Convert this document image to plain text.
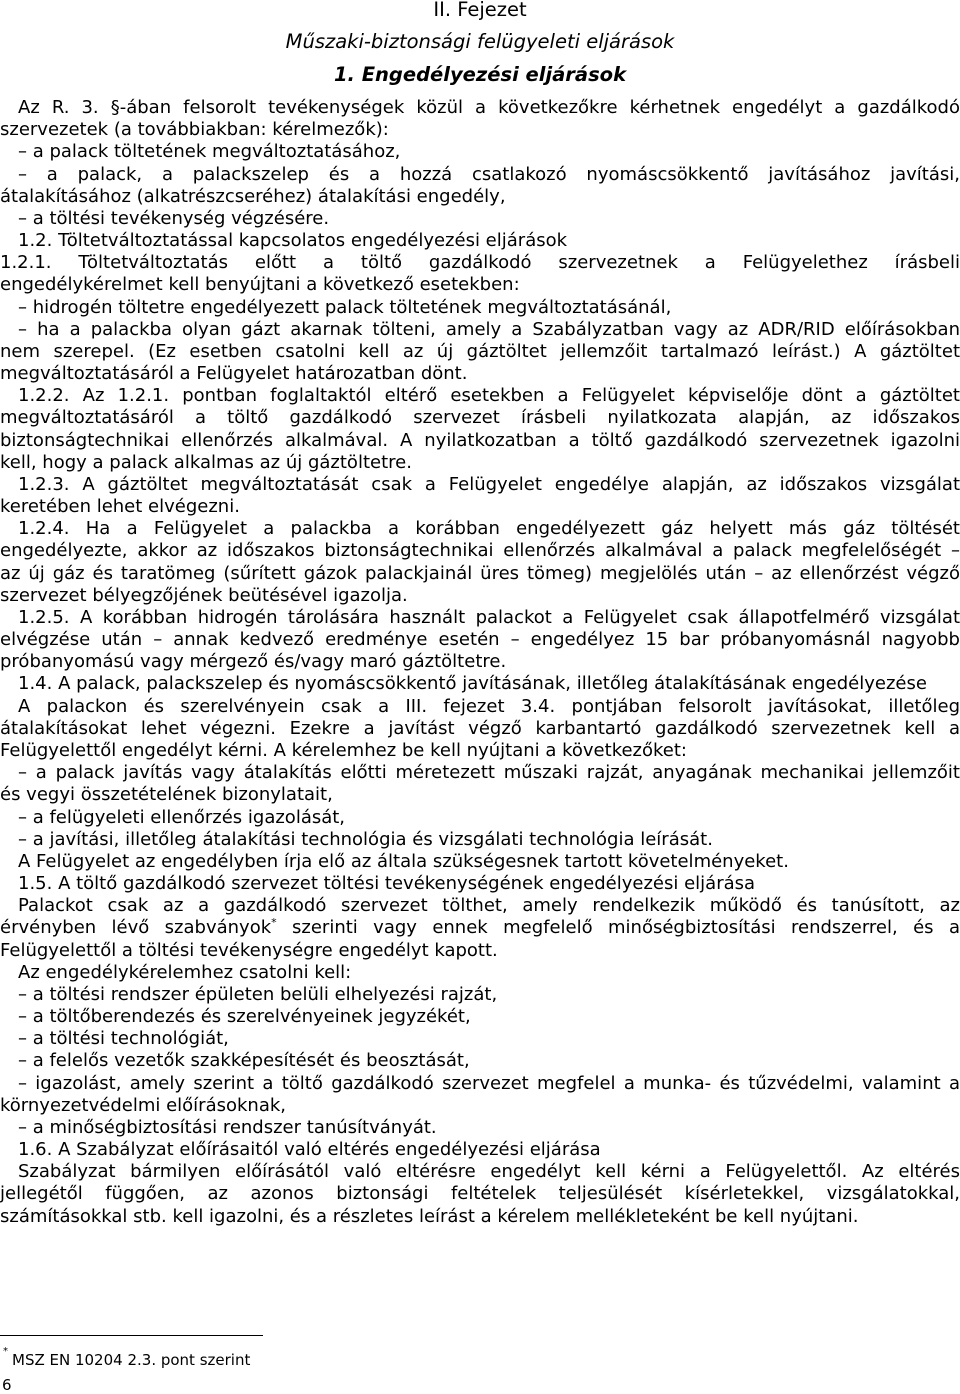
II. Fejezet
Műszaki-biztonsági felügyeleti eljárások
1. Engedélyezési eljárások
Az R. 3. §-ában felsorolt tevékenységek közül a következőkre kérhetnek engedélyt a gazdálkodó
szervezetek (a továbbiakban: kérelmezők):
– a palack töltetének megváltoztatásához,
– a palack, a palackszelep és a hozzá csatlakozó nyomáscsökkentő javításához javítási,
átalakításához (alkatrészcseréhez) átalakítási engedély,
– a töltési tevékenység végzésére.
1.2. Töltetváltoztatással kapcsolatos engedélyezési eljárások
1.2.1. Töltetváltoztatás előtt a töltő gazdálkodó szervezetnek a Felügyelethez írásbeli
engedélykérelmet kell benyújtani a következő esetekben:
– hidrogén töltetre engedélyezett palack töltetének megváltoztatásánál,
– ha a palackba olyan gázt akarnak tölteni, amely a Szabályzatban vagy az ADR/RID előírásokban
nem szerepel. (Ez esetben csatolni kell az új gáztöltet jellemzőit tartalmazó leírást.) A gáztöltet
megváltoztatásáról a Felügyelet határozatban dönt.
1.2.2. Az 1.2.1. pontban foglaltaktól eltérő esetekben a Felügyelet képviselője dönt a gáztöltet
megváltoztatásáról a töltő gazdálkodó szervezet írásbeli nyilatkozata alapján, az időszakos
biztonságtechnikai ellenőrzés alkalmával. A nyilatkozatban a töltő gazdálkodó szervezetnek igazolni
kell, hogy a palack alkalmas az új gáztöltetre.
1.2.3. A gáztöltet megváltoztatását csak a Felügyelet engedélye alapján, az időszakos vizsgálat
keretében lehet elvégezni.
1.2.4. Ha a Felügyelet a palackba a korábban engedélyezett gáz helyett más gáz töltését
engedélyezte, akkor az időszakos biztonságtechnikai ellenőrzés alkalmával a palack megfelelőségét –
az új gáz és taratömeg (sűrített gázok palackjainál üres tömeg) megjelölés után – az ellenőrzést végző
szervezet bélyegzőjének beütésével igazolja.
1.2.5. A korábban hidrogén tárolására használt palackot a Felügyelet csak állapotfelmérő vizsgálat
elvégzése után – annak kedvező eredménye esetén – engedélyez 15 bar próbanyomásnál nagyobb
próbanyomású vagy mérgező és/vagy maró gáztöltetre.
1.4. A palack, palackszelep és nyomáscsökkentő javításának, illetőleg átalakításának engedélyezése
A palackon és szerelvényein csak a III. fejezet 3.4. pontjában felsorolt javításokat, illetőleg
átalakításokat lehet végezni. Ezekre a javítást végző karbantartó gazdálkodó szervezetnek kell a
Felügyelettől engedélyt kérni. A kérelemhez be kell nyújtani a következőket:
– a palack javítás vagy átalakítás előtti méretezett műszaki rajzát, anyagának mechanikai jellemzőit
és vegyi összetételének bizonylatait,
– a felügyeleti ellenőrzés igazolását,
– a javítási, illetőleg átalakítási technológia és vizsgálati technológia leírását.
A Felügyelet az engedélyben írja elő az általa szükségesnek tartott követelményeket.
1.5. A töltő gazdálkodó szervezet töltési tevékenységének engedélyezési eljárása
Palackot csak az a gazdálkodó szervezet tölthet, amely rendelkezik működő és tanúsított, az
érvényben lévő szabványok* szerinti vagy ennek megfelelő minőségbiztosítási rendszerrel, és a
Felügyelettől a töltési tevékenységre engedélyt kapott.
Az engedélykérelemhez csatolni kell:
– a töltési rendszer épületen belüli elhelyezési rajzát,
– a töltőberendezés és szerelvényeinek jegyzékét,
– a töltési technológiát,
– a felelős vezetők szakképesítését és beosztását,
– igazolást, amely szerint a töltő gazdálkodó szervezet megfelel a munka- és tűzvédelmi, valamint a
környezetvédelmi előírásoknak,
– a minőségbiztosítási rendszer tanúsítványát.
1.6. A Szabályzat előírásaitól való eltérés engedélyezési eljárása
Szabályzat bármilyen előírásától való eltérésre engedélyt kell kérni a Felügyelettől. Az eltérés
jellegétől függően, az azonos biztonsági feltételek teljesülését kísérletekkel, vizsgálatokkal,
számításokkal stb. kell igazolni, és a részletes leírást a kérelem mellékleteként be kell nyújtani.
* MSZ EN 10204 2.3. pont szerint
6
